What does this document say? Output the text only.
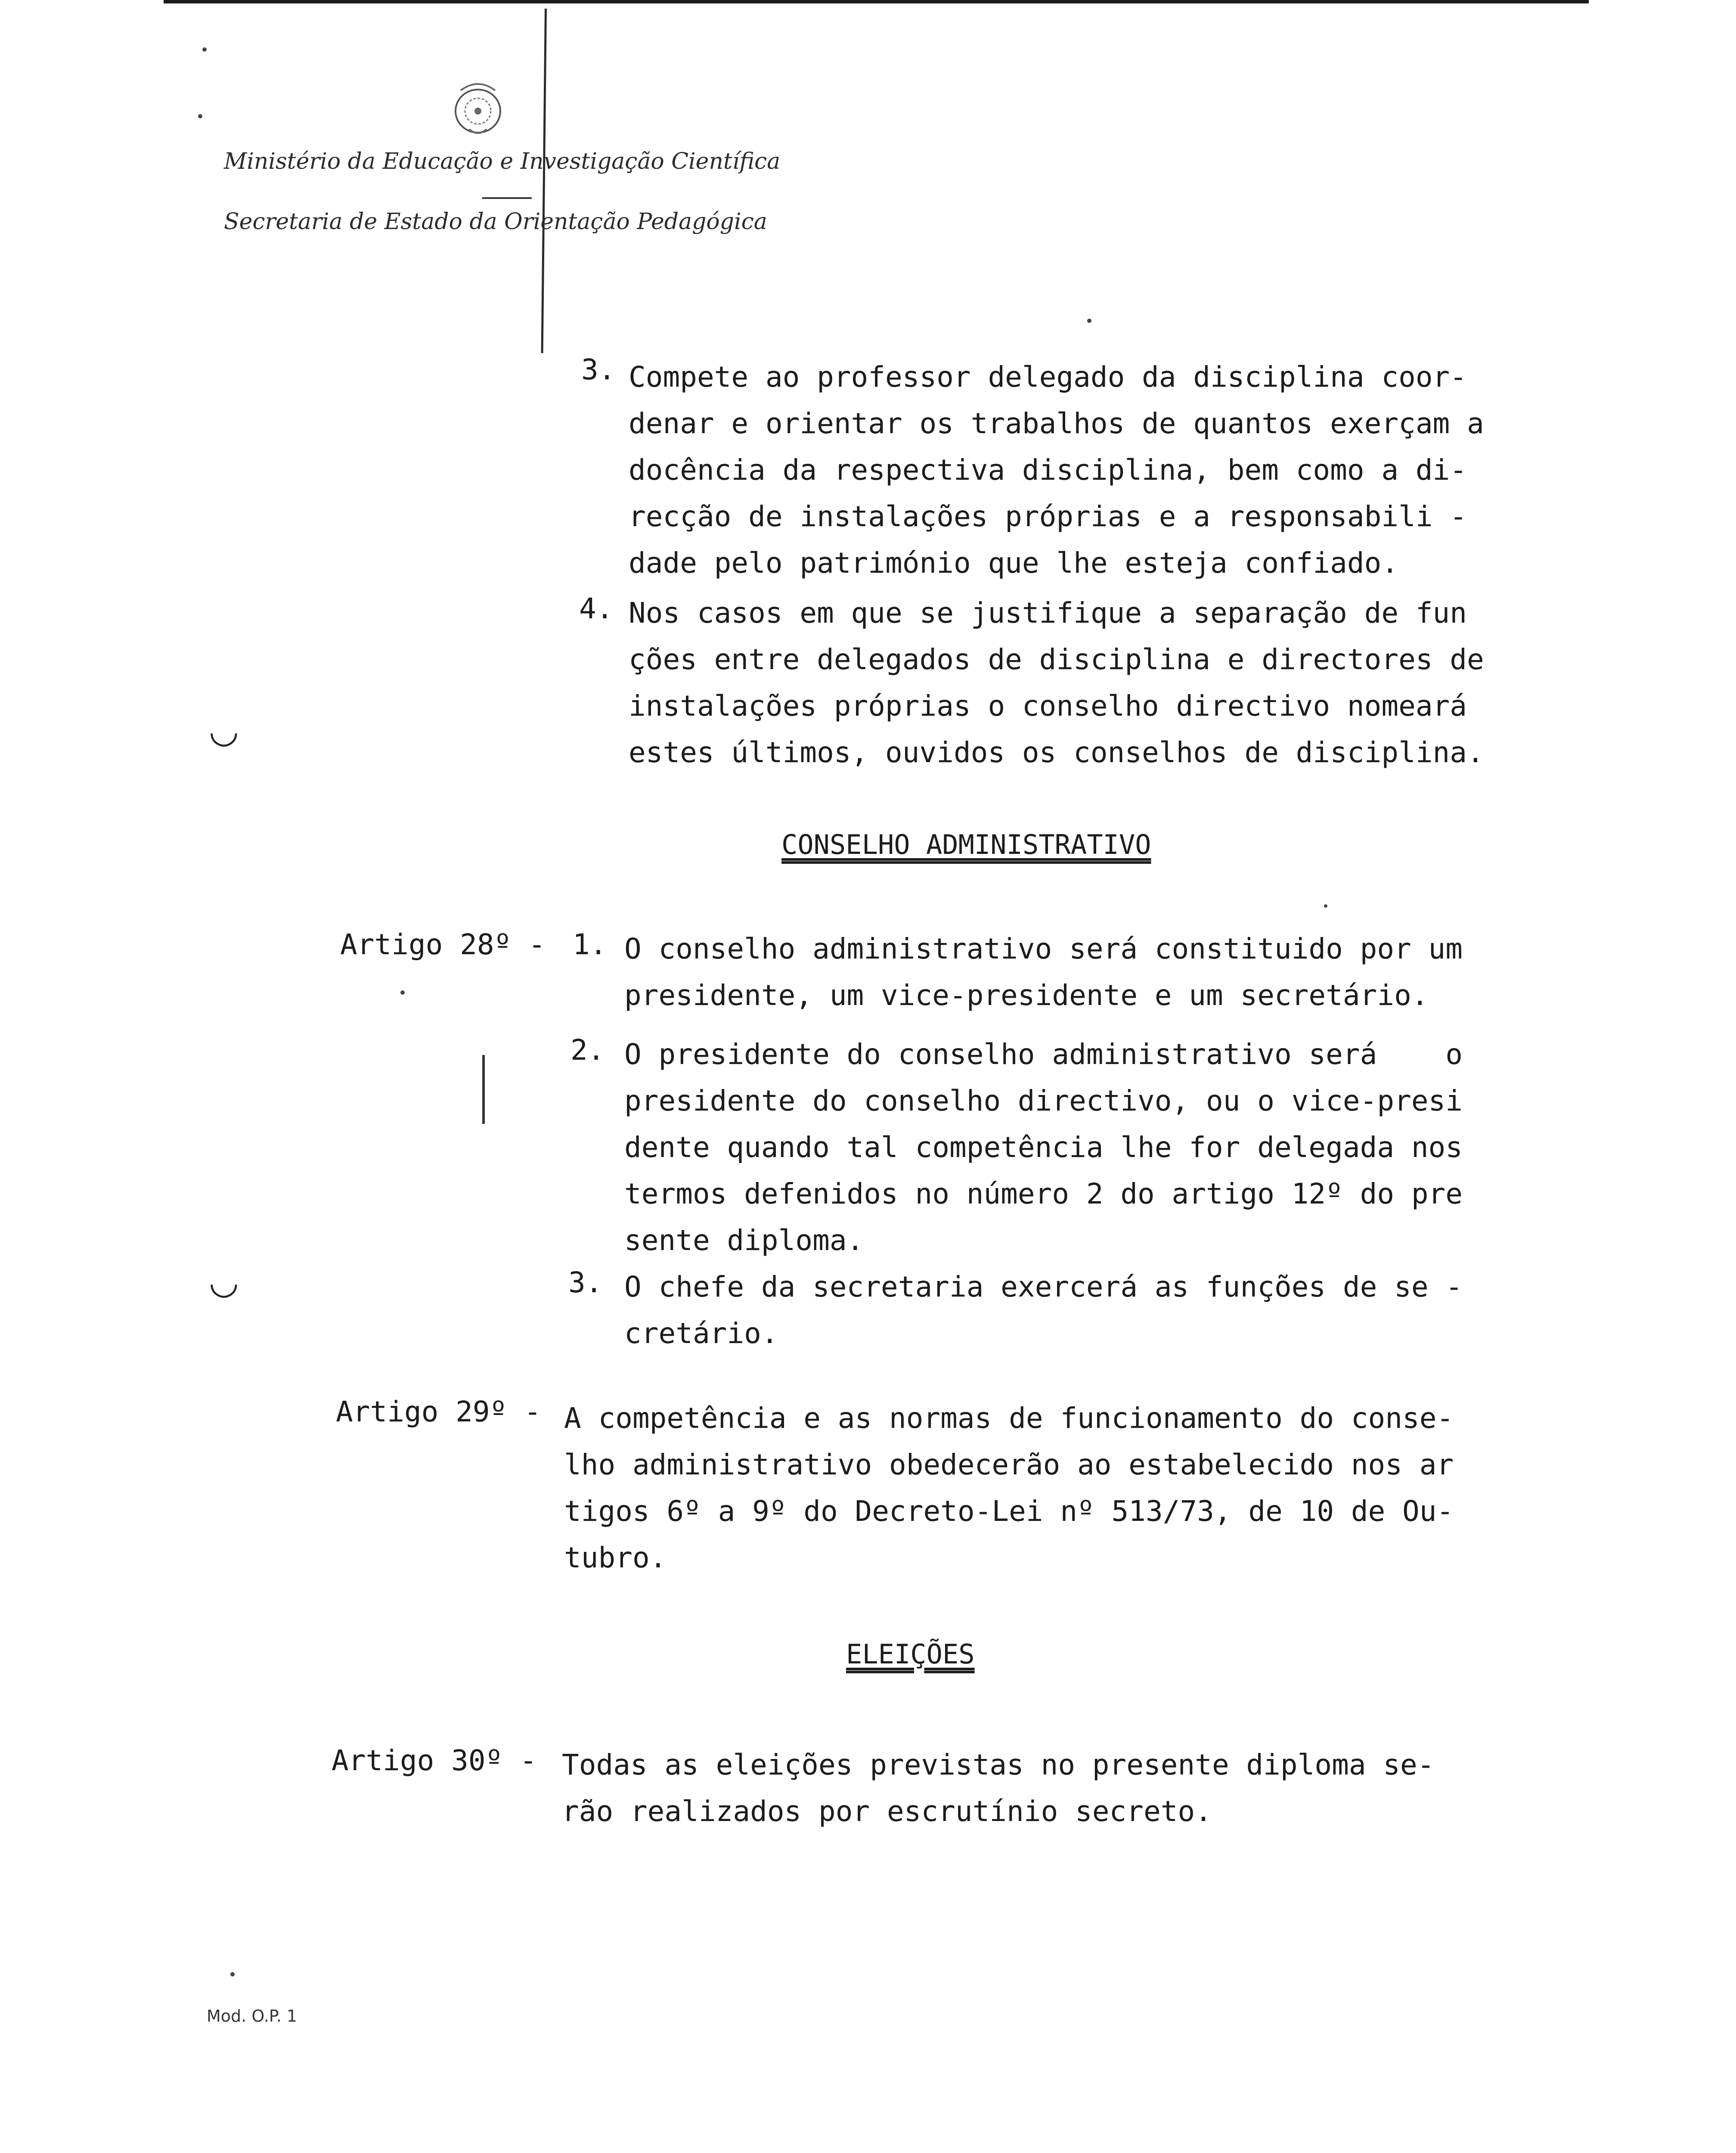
Ministério da Educação e Investigação Científica
Secretaria de Estado da Orientação Pedagógica
3. Compete ao professor delegado da disciplina coor-
denar e orientar os trabalhos de quantos exerçam a
docência da respectiva disciplina, bem como a di-
recção de instalações próprias e a responsabili -
dade pelo património que lhe esteja confiado.
4. Nos casos em que se justifique a separação de fun
ções entre delegados de disciplina e directores de
instalações próprias o conselho directivo nomeará
estes últimos, ouvidos os conselhos de disciplina.
◡
◡
CONSELHO ADMINISTRATIVO
Artigo 28º - 1. O conselho administrativo será constituido por um
presidente, um vice-presidente e um secretário.
2. O presidente do conselho administrativo será    o
presidente do conselho directivo, ou o vice-presi
dente quando tal competência lhe for delegada nos
termos defenidos no número 2 do artigo 12º do pre
sente diploma.
3. O chefe da secretaria exercerá as funções de se -
cretário.
Artigo 29º - A competência e as normas de funcionamento do conse-
lho administrativo obedecerão ao estabelecido nos ar
tigos 6º a 9º do Decreto-Lei nº 513/73, de 10 de Ou-
tubro.
ELEIÇÕES
Artigo 30º - Todas as eleições previstas no presente diploma se-
rão realizados por escrutínio secreto.
Mod. O.P. 1
